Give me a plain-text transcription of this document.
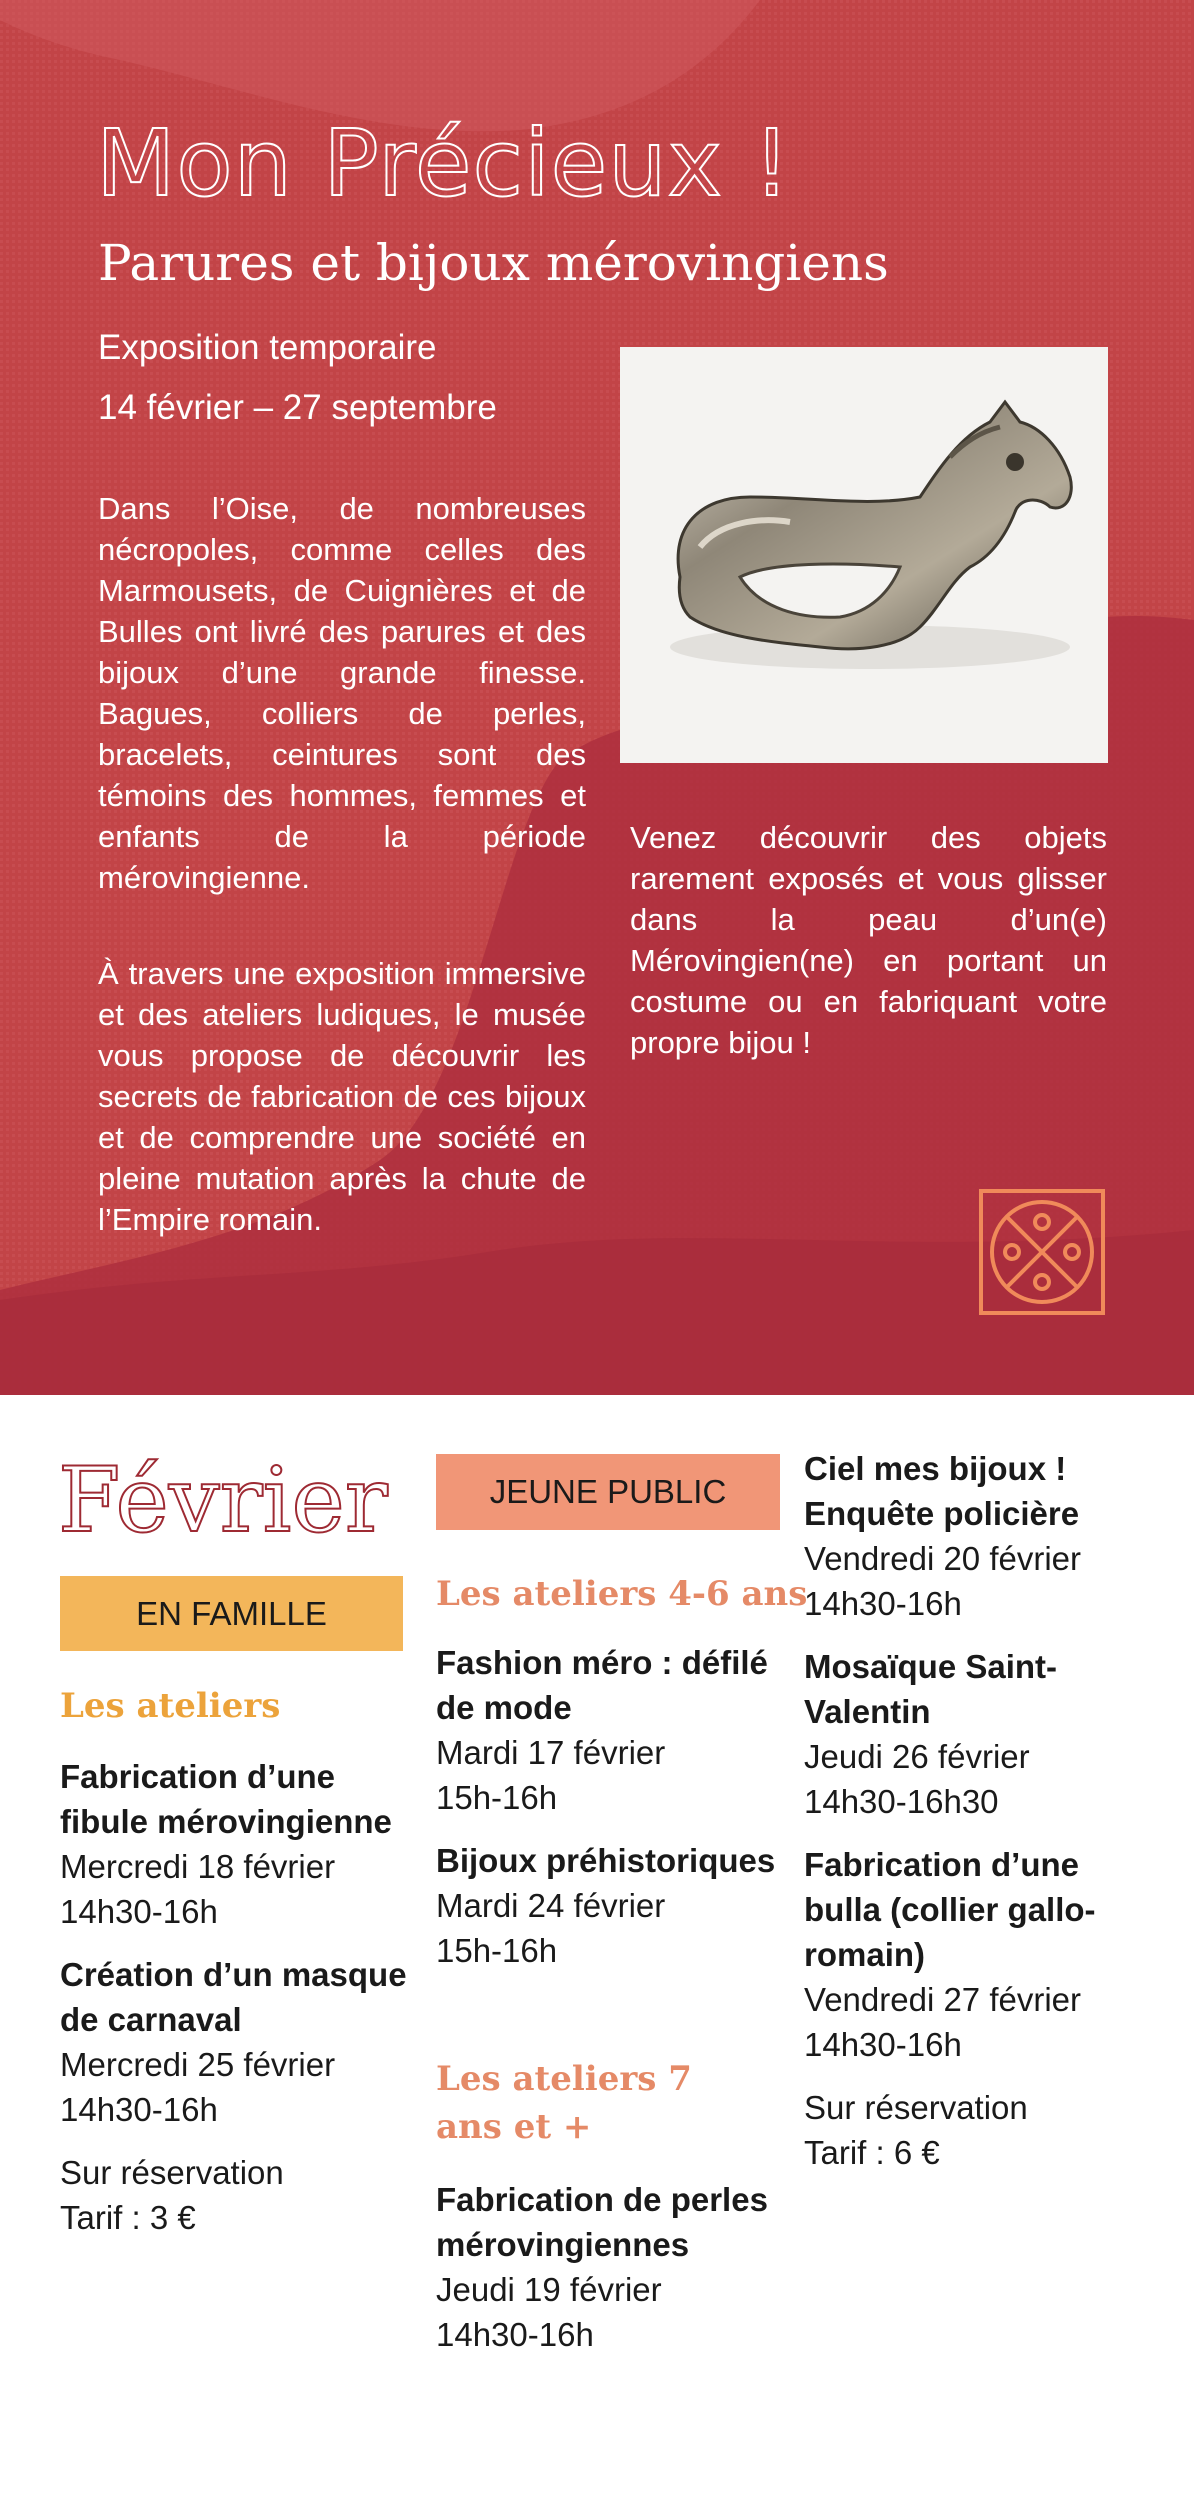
Mon Précieux !
Parures et bijoux mérovingiens
Exposition temporaire
14 février – 27 septembre

Dans l’Oise, de nombreuses nécropoles, comme celles des Marmousets, de Cuignières et de Bulles ont livré des parures et des bijoux d’une grande finesse. Bagues, colliers de perles, bracelets, ceintures sont des témoins des hommes, femmes et enfants de la période mérovingienne.

À travers une exposition immersive et des ateliers ludiques, le musée vous propose de découvrir les secrets de fabrication de ces bijoux et de comprendre une société en pleine mutation après la chute de l’Empire romain.

Venez découvrir des objets rarement exposés et vous glisser dans la peau d’un(e) Mérovingien(ne) en portant un costume ou en fabriquant votre propre bijou !

Février
EN FAMILLE
Les ateliers
Fabrication d’une fibule mérovingienne
Mercredi 18 février
14h30-16h
Création d’un masque de carnaval
Mercredi 25 février
14h30-16h
Sur réservation
Tarif : 3 €
JEUNE PUBLIC
Les ateliers 4-6 ans
Fashion méro : défilé de mode
Mardi 17 février
15h-16h
Bijoux préhistoriques
Mardi 24 février
15h-16h
Les ateliers 7 ans et +
Fabrication de perles mérovingiennes
Jeudi 19 février
14h30-16h
Ciel mes bijoux ! Enquête policière
Vendredi 20 février
14h30-16h
Mosaïque Saint-Valentin
Jeudi 26 février
14h30-16h30
Fabrication d’une bulla (collier gallo-romain)
Vendredi 27 février
14h30-16h
Sur réservation
Tarif : 6 €
